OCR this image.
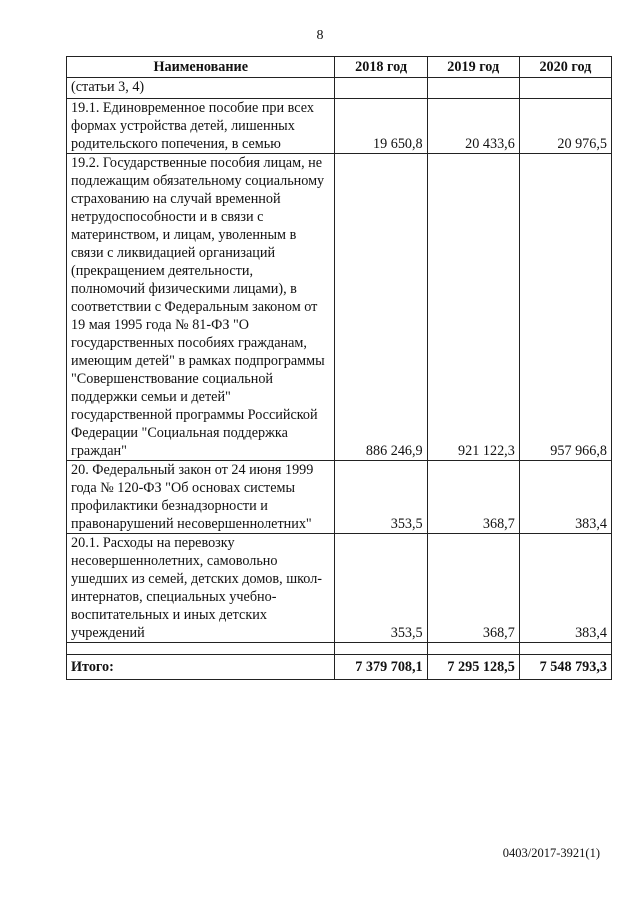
8
Наименование	2018 год	2019 год	2020 год
(статьи 3, 4)			
19.1. Единовременное пособие при всех формах устройства детей, лишенных родительского попечения, в семью	19 650,8	20 433,6	20 976,5
19.2. Государственные пособия лицам, не подлежащим обязательному социальному страхованию на случай временной нетрудоспособности и в связи с материнством, и лицам, уволенным в связи с ликвидацией организаций (прекращением деятельности, полномочий физическими лицами), в соответствии с Федеральным законом от 19 мая 1995 года № 81-ФЗ "О государственных пособиях гражданам, имеющим детей" в рамках подпрограммы "Совершенствование социальной поддержки семьи и детей" государственной программы Российской Федерации "Социальная поддержка граждан"	886 246,9	921 122,3	957 966,8
20. Федеральный закон от 24 июня 1999 года № 120-ФЗ "Об основах системы профилактики безнадзорности и правонарушений несовершеннолетних"	353,5	368,7	383,4
20.1. Расходы на перевозку несовершеннолетних, самовольно ушедших из семей, детских домов, школ-интернатов, специальных учебно-воспитательных и иных детских учреждений	353,5	368,7	383,4

Итого:	7 379 708,1	7 295 128,5	7 548 793,3
0403/2017-3921(1)
